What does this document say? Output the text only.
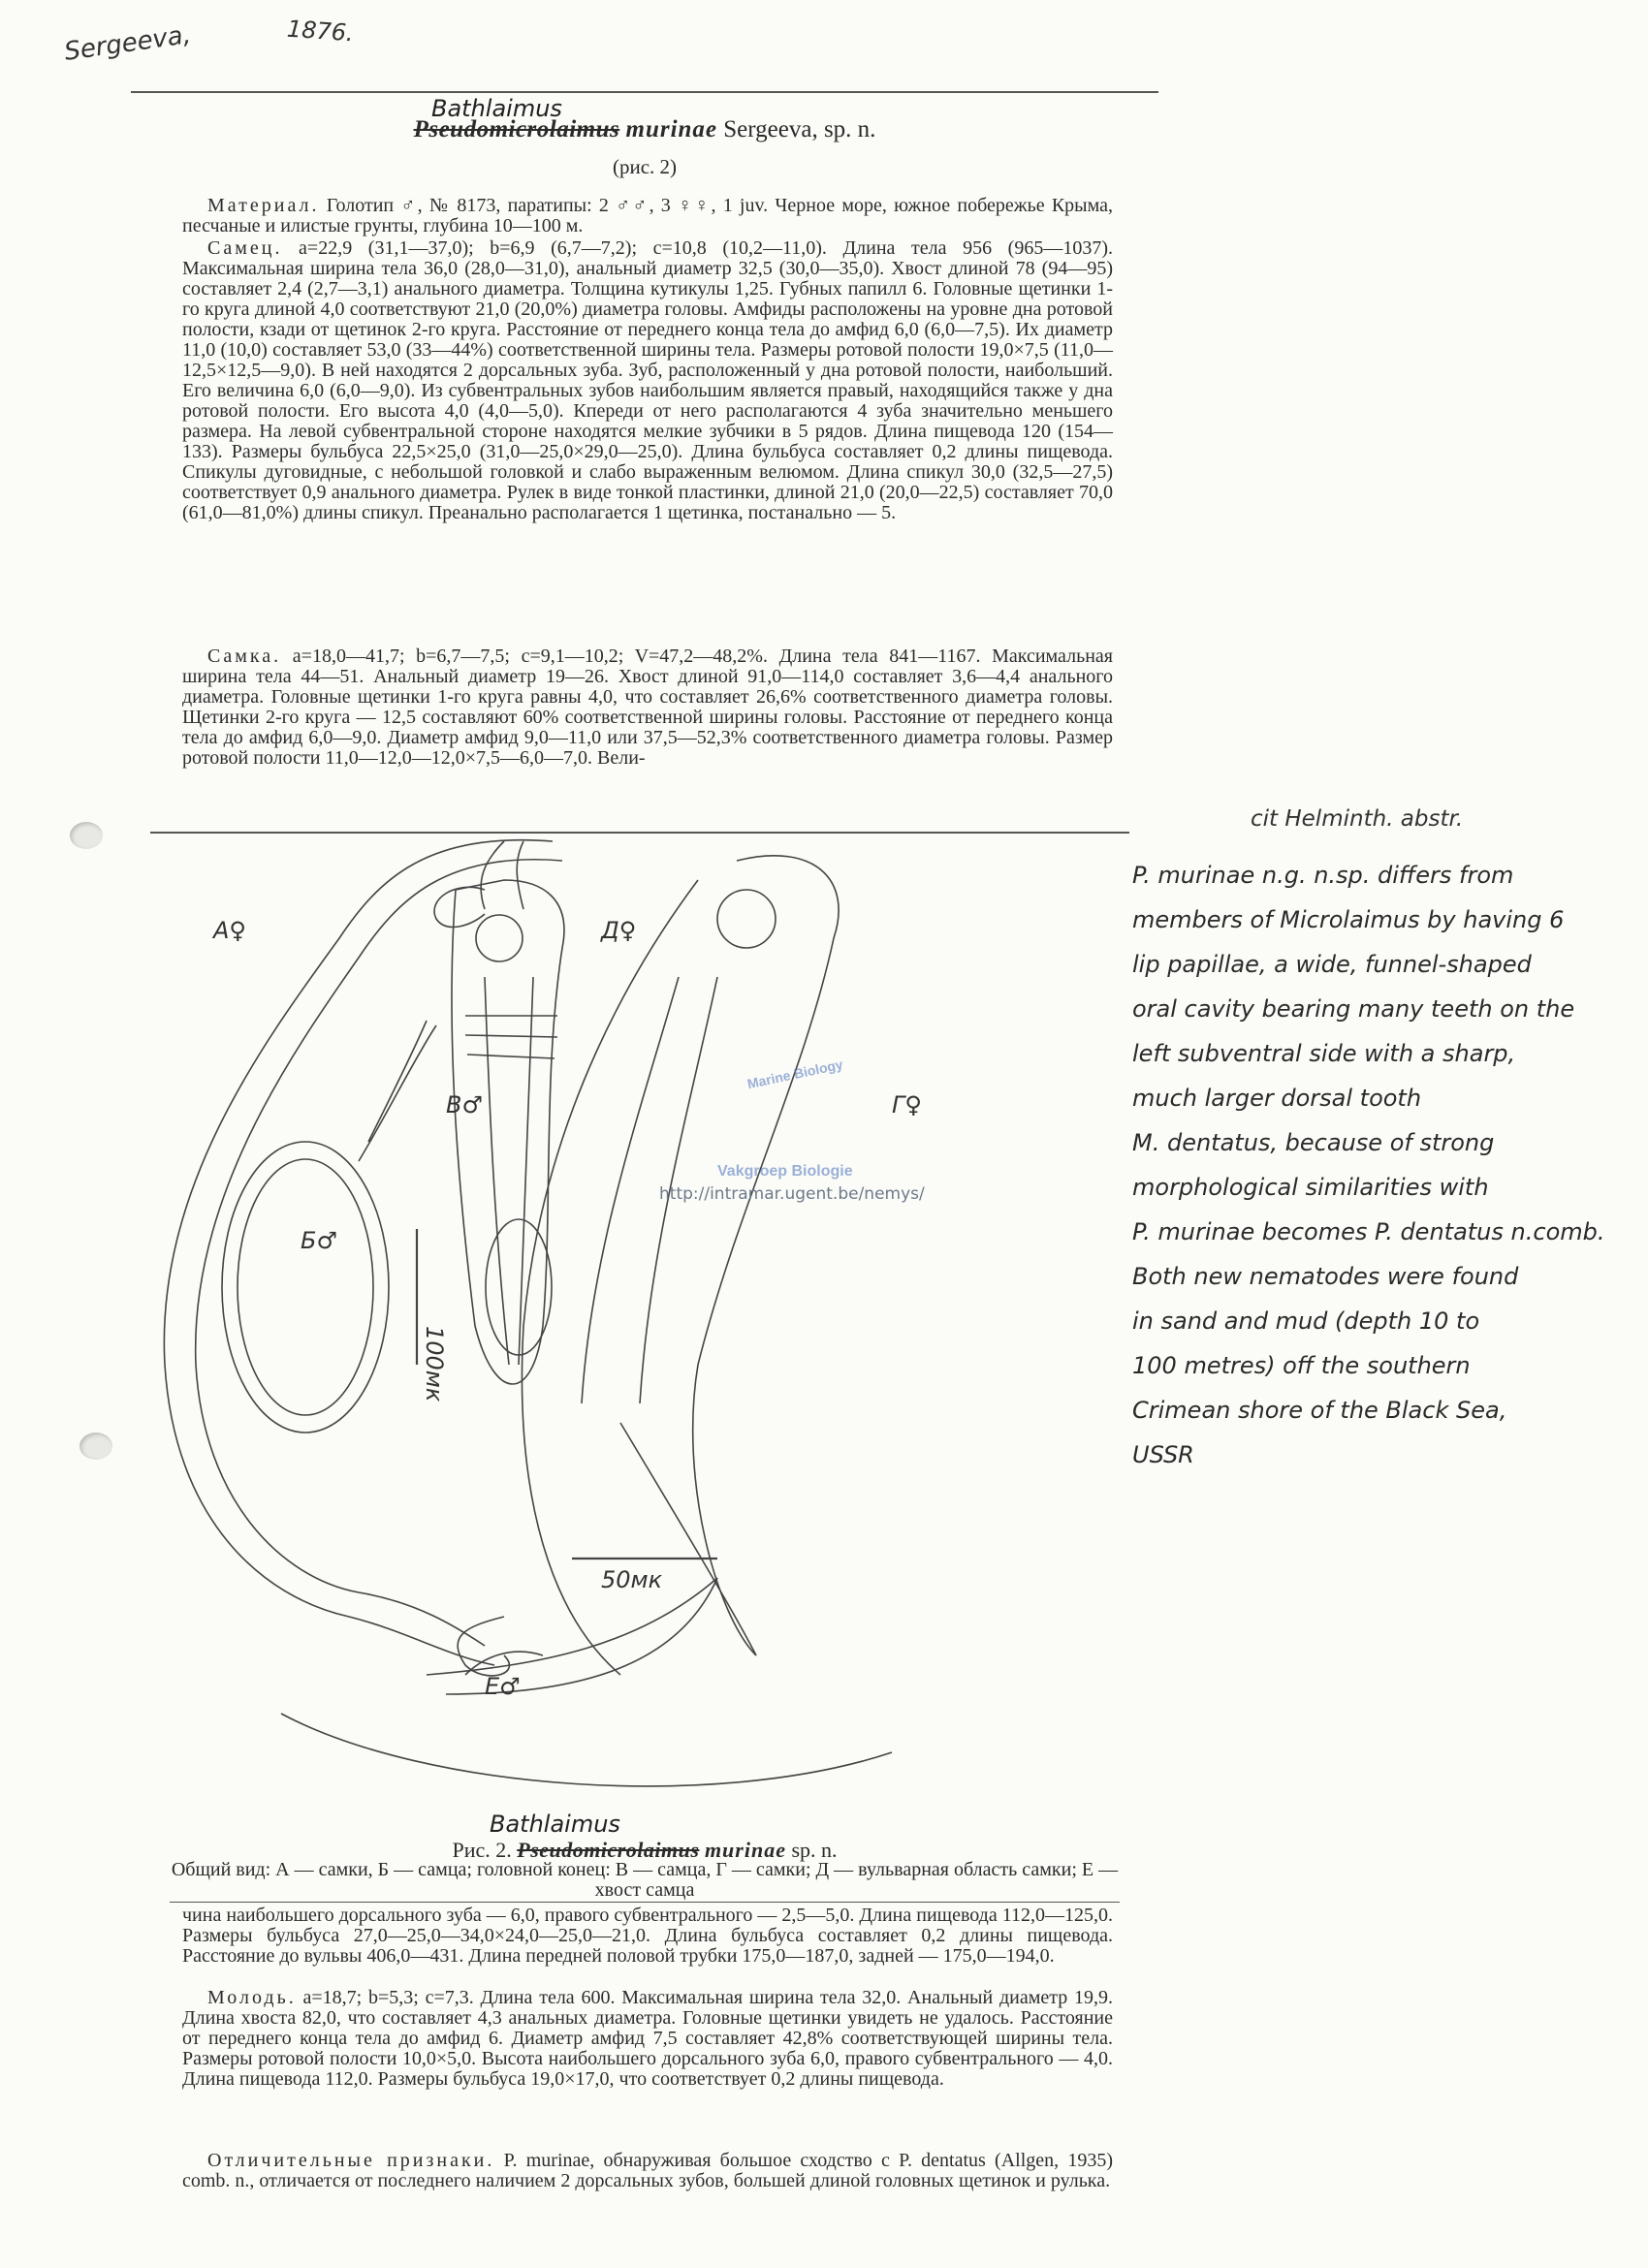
Sergeeva,	1876.
Bathlaimus
Pseudomicrolaimus murinae Sergeeva, sp. n.
(рис. 2)

Материал. Голотип ♂, № 8173, паратипы: 2 ♂♂, 3 ♀♀, 1 juv. Черное море, южное побережье Крыма, песчаные и илистые грунты, глубина 10—100 м.

Самец. a=22,9 (31,1—37,0); b=6,9 (6,7—7,2); c=10,8 (10,2—11,0). Длина тела 956 (965—1037). Максимальная ширина тела 36,0 (28,0—31,0), анальный диаметр 32,5 (30,0—35,0). Хвост длиной 78 (94—95) составляет 2,4 (2,7—3,1) анального диаметра. Толщина кутикулы 1,25. Губных папилл 6. Головные щетинки 1-го круга длиной 4,0 соответствуют 21,0 (20,0%) диаметра головы. Амфиды расположены на уровне дна ротовой полости, кзади от щетинок 2-го круга. Расстояние от переднего конца тела до амфид 6,0 (6,0—7,5). Их диаметр 11,0 (10,0) составляет 53,0 (33—44%) соответственной ширины тела. Размеры ротовой полости 19,0×7,5 (11,0—12,5×12,5—9,0). В ней находятся 2 дорсальных зуба. Зуб, расположенный у дна ротовой полости, наибольший. Его величина 6,0 (6,0—9,0). Из субвентральных зубов наибольшим является правый, находящийся также у дна ротовой полости. Его высота 4,0 (4,0—5,0). Кпереди от него располагаются 4 зуба значительно меньшего размера. На левой субвентральной стороне находятся мелкие зубчики в 5 рядов. Длина пищевода 120 (154—133). Размеры бульбуса 22,5×25,0 (31,0—25,0×29,0—25,0). Длина бульбуса составляет 0,2 длины пищевода. Спикулы дуговидные, с небольшой головкой и слабо выраженным велюмом. Длина спикул 30,0 (32,5—27,5) соответствует 0,9 анального диаметра. Рулек в виде тонкой пластинки, длиной 21,0 (20,0—22,5) составляет 70,0 (61,0—81,0%) длины спикул. Преанально располагается 1 щетинка, постанально — 5.

Самка. a=18,0—41,7; b=6,7—7,5; c=9,1—10,2; V=47,2—48,2%. Длина тела 841—1167. Максимальная ширина тела 44—51. Анальный диаметр 19—26. Хвост длиной 91,0—114,0 составляет 3,6—4,4 анального диаметра. Головные щетинки 1-го круга равны 4,0, что составляет 26,6% соответственного диаметра головы. Щетинки 2-го круга — 12,5 составляют 60% соответственной ширины головы. Расстояние от переднего конца тела до амфид 6,0—9,0. Диаметр амфид 9,0—11,0 или 37,5—52,3% соответственного диаметра головы. Размер ротовой полости 11,0—12,0—12,0×7,5—6,0—7,0. Вели-

А♀
Б♂
В♂	Г♀
Д♀
Е♂
100мк
50мк
Marine Biology
Vakgroep Biologie
http://intramar.ugent.be/nemys/
cit Helminth. abstr.
P. murinae n.g. n.sp. differs from
members of Microlaimus by having 6
lip papillae, a wide, funnel-shaped
oral cavity bearing many teeth on the
left subventral side with a sharp,
much larger dorsal tooth
M. dentatus, because of strong
morphological similarities with
P. murinae becomes P. dentatus n.comb.
Both new nematodes were found
in sand and mud (depth 10 to
100 metres) off the southern
Crimean shore of the Black Sea,
USSR
Bathlaimus
Рис. 2. Pseudomicrolaimus murinae sp. n.
Общий вид: А — самки, Б — самца; головной конец: В — самца, Г — самки; Д — вульварная область самки; Е — хвост самца

чина наибольшего дорсального зуба — 6,0, правого субвентрального — 2,5—5,0. Длина пищевода 112,0—125,0. Размеры бульбуса 27,0—25,0—34,0×24,0—25,0—21,0. Длина бульбуса составляет 0,2 длины пищевода. Расстояние до вульвы 406,0—431. Длина передней половой трубки 175,0—187,0, задней — 175,0—194,0.

Молодь. a=18,7; b=5,3; c=7,3. Длина тела 600. Максимальная ширина тела 32,0. Анальный диаметр 19,9. Длина хвоста 82,0, что составляет 4,3 анальных диаметра. Головные щетинки увидеть не удалось. Расстояние от переднего конца тела до амфид 6. Диаметр амфид 7,5 составляет 42,8% соответствующей ширины тела. Размеры ротовой полости 10,0×5,0. Высота наибольшего дорсального зуба 6,0, правого субвентрального — 4,0. Длина пищевода 112,0. Размеры бульбуса 19,0×17,0, что соответствует 0,2 длины пищевода.

Отличительные признаки. P. murinae, обнаруживая большое сходство с P. dentatus (Allgen, 1935) comb. n., отличается от последнего наличием 2 дорсальных зубов, большей длиной головных щетинок и рулька.
